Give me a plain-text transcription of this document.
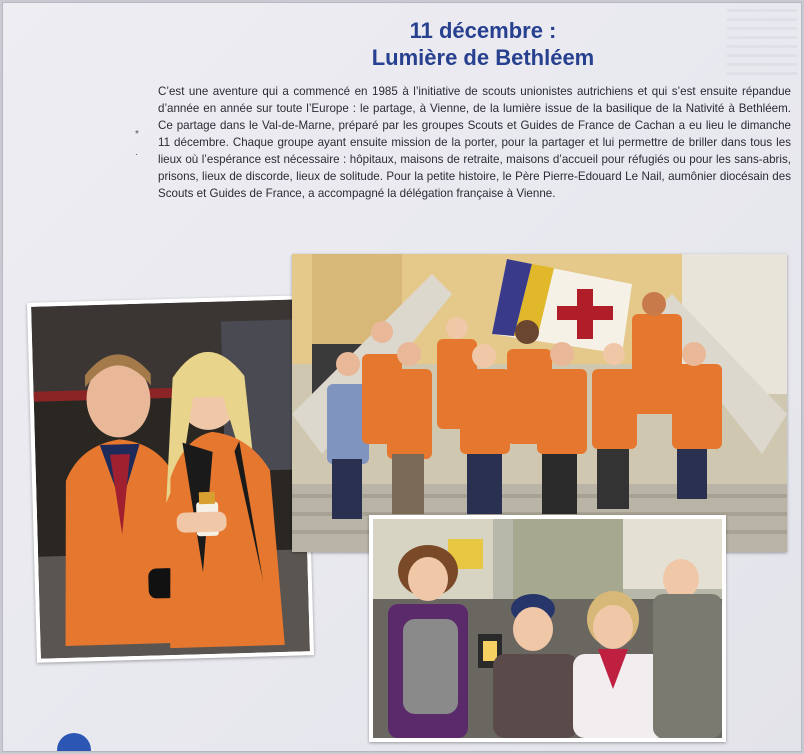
11 décembre :
Lumière de Bethléem
*
·

C’est une aventure qui a commencé en 1985 à l’initiative de scouts unionistes autrichiens et qui s’est ensuite répandue d’année en année sur toute l’Europe : le partage, à Vienne, de la lumière issue de la basilique de la Nativité à Bethléem. Ce partage dans le Val-de-Marne, préparé par les groupes Scouts et Guides de France de Cachan a eu lieu le dimanche 11 décembre. Chaque groupe ayant ensuite mission de la porter, pour la partager et lui permettre de briller dans tous les lieux où l’espérance est nécessaire : hôpitaux, maisons de retraite, maisons d’accueil pour réfugiés ou pour les sans-abris, prisons, lieux de discorde, lieux de solitude. Pour la petite histoire, le Père Pierre-Edouard Le Nail, aumônier diocésain des Scouts et Guides de France, a accompagné la délégation française à Vienne.
